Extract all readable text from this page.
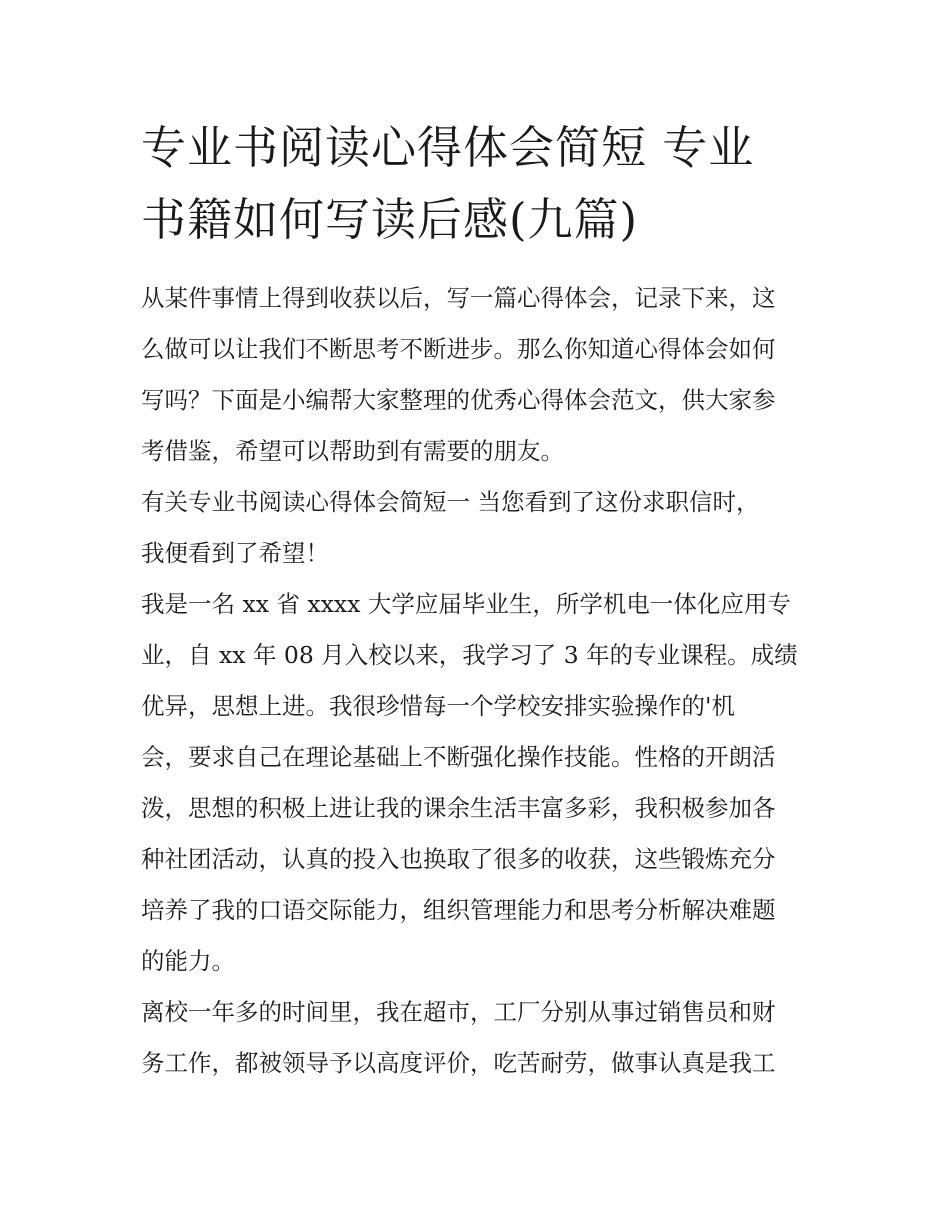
专业书阅读心得体会简短 专业
书籍如何写读后感(九篇)

从某件事情上得到收获以后，写一篇心得体会，记录下来，这
么做可以让我们不断思考不断进步。那么你知道心得体会如何
写吗？下面是小编帮大家整理的优秀心得体会范文，供大家参
考借鉴，希望可以帮助到有需要的朋友。

有关专业书阅读心得体会简短一 当您看到了这份求职信时，
我便看到了希望！

我是一名 xx 省 xxxx 大学应届毕业生，所学机电一体化应用专
业，自 xx 年 08 月入校以来，我学习了 3 年的专业课程。成绩
优异，思想上进。我很珍惜每一个学校安排实验操作的'机
会，要求自己在理论基础上不断强化操作技能。性格的开朗活
泼，思想的积极上进让我的课余生活丰富多彩，我积极参加各
种社团活动，认真的投入也换取了很多的收获，这些锻炼充分
培养了我的口语交际能力，组织管理能力和思考分析解决难题
的能力。

离校一年多的时间里，我在超市，工厂分别从事过销售员和财
务工作，都被领导予以高度评价，吃苦耐劳，做事认真是我工
